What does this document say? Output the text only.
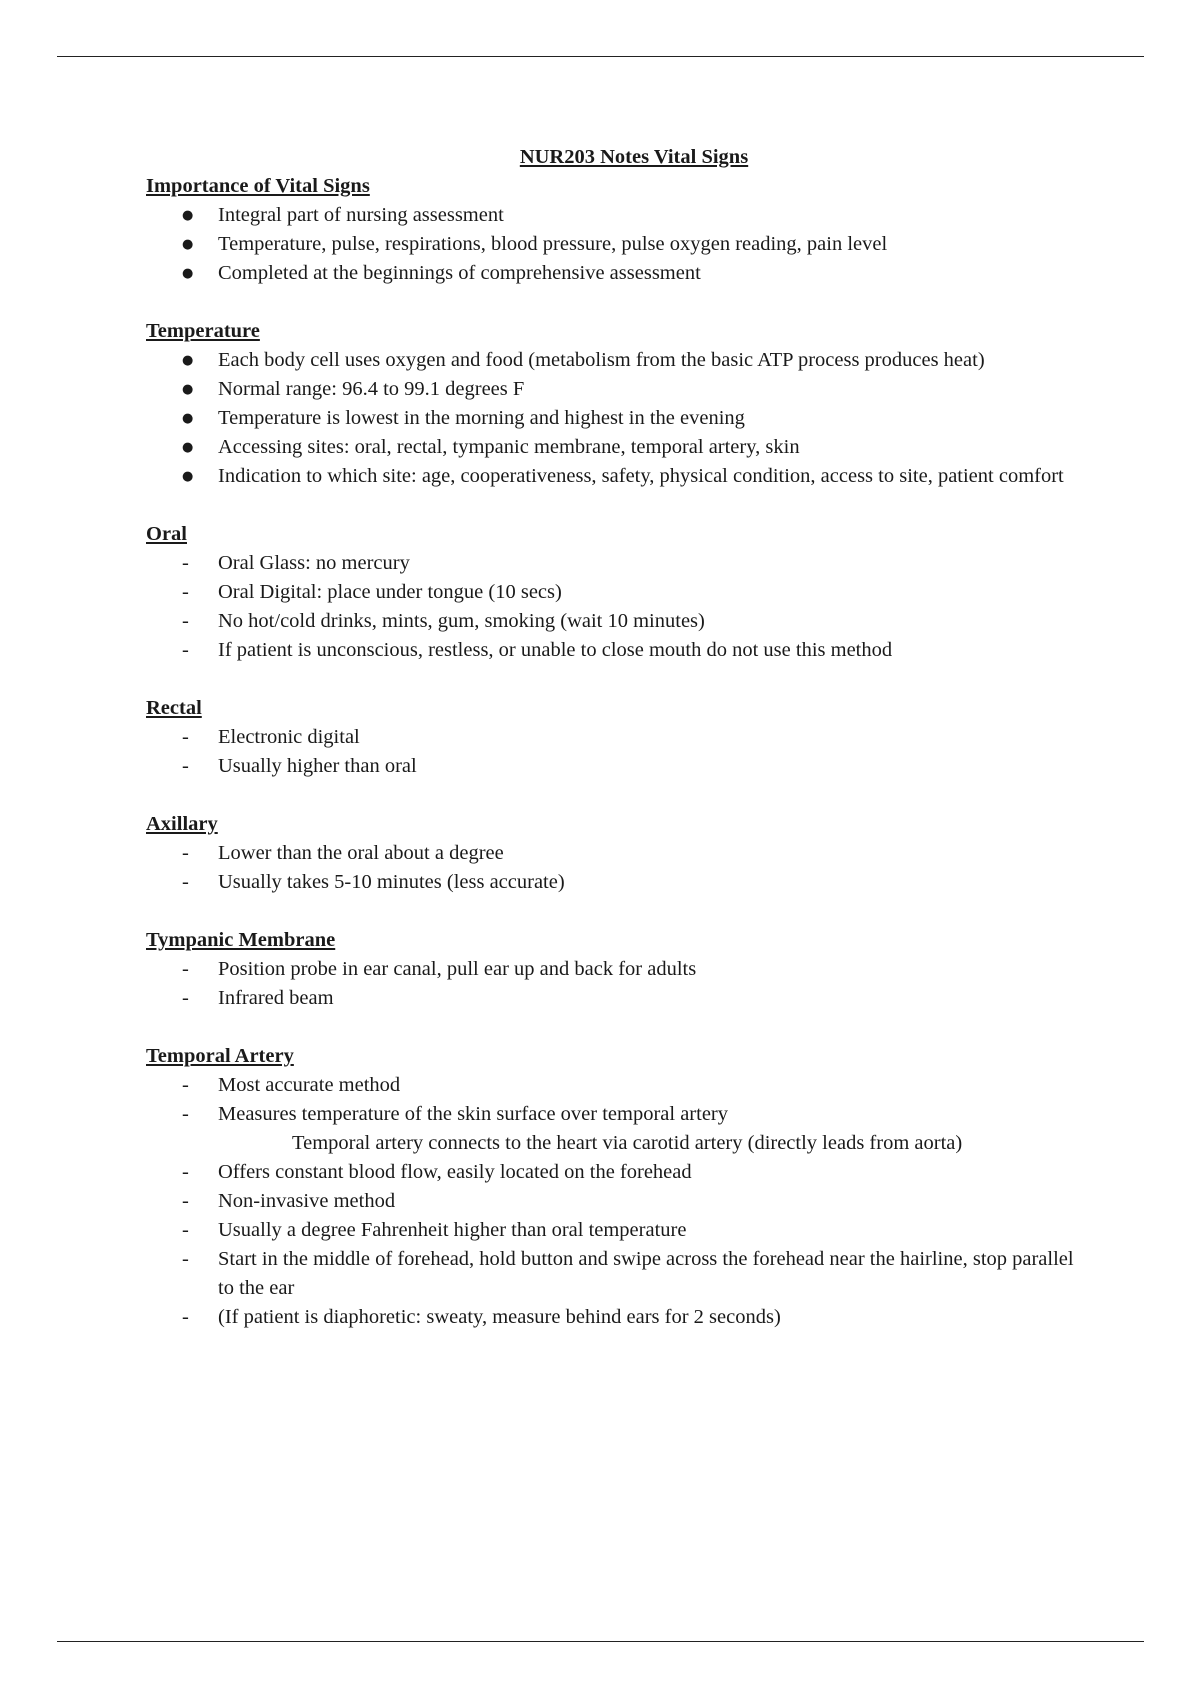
NUR203 Notes Vital Signs

Importance of Vital Signs

●	Integral part of nursing assessment
●	Temperature, pulse, respirations, blood pressure, pulse oxygen reading, pain level
●	Completed at the beginnings of comprehensive assessment

Temperature

●	Each body cell uses oxygen and food (metabolism from the basic ATP process produces heat)
●	Normal range: 96.4 to 99.1 degrees F
●	Temperature is lowest in the morning and highest in the evening
●	Accessing sites: oral, rectal, tympanic membrane, temporal artery, skin
●	Indication to which site: age, cooperativeness, safety, physical condition, access to site, patient comfort

Oral

-	Oral Glass: no mercury
-	Oral Digital: place under tongue (10 secs)
-	No hot/cold drinks, mints, gum, smoking (wait 10 minutes)
-	If patient is unconscious, restless, or unable to close mouth do not use this method

Rectal

-	Electronic digital
-	Usually higher than oral

Axillary

-	Lower than the oral about a degree
-	Usually takes 5-10 minutes (less accurate)

Tympanic Membrane

-	Position probe in ear canal, pull ear up and back for adults
-	Infrared beam

Temporal Artery

-	Most accurate method
-	Measures temperature of the skin surface over temporal artery
Temporal artery connects to the heart via carotid artery (directly leads from aorta)
-	Offers constant blood flow, easily located on the forehead
-	Non-invasive method
-	Usually a degree Fahrenheit higher than oral temperature
-	Start in the middle of forehead, hold button and swipe across the forehead near the hairline, stop parallel to the ear
-	(If patient is diaphoretic: sweaty, measure behind ears for 2 seconds)
